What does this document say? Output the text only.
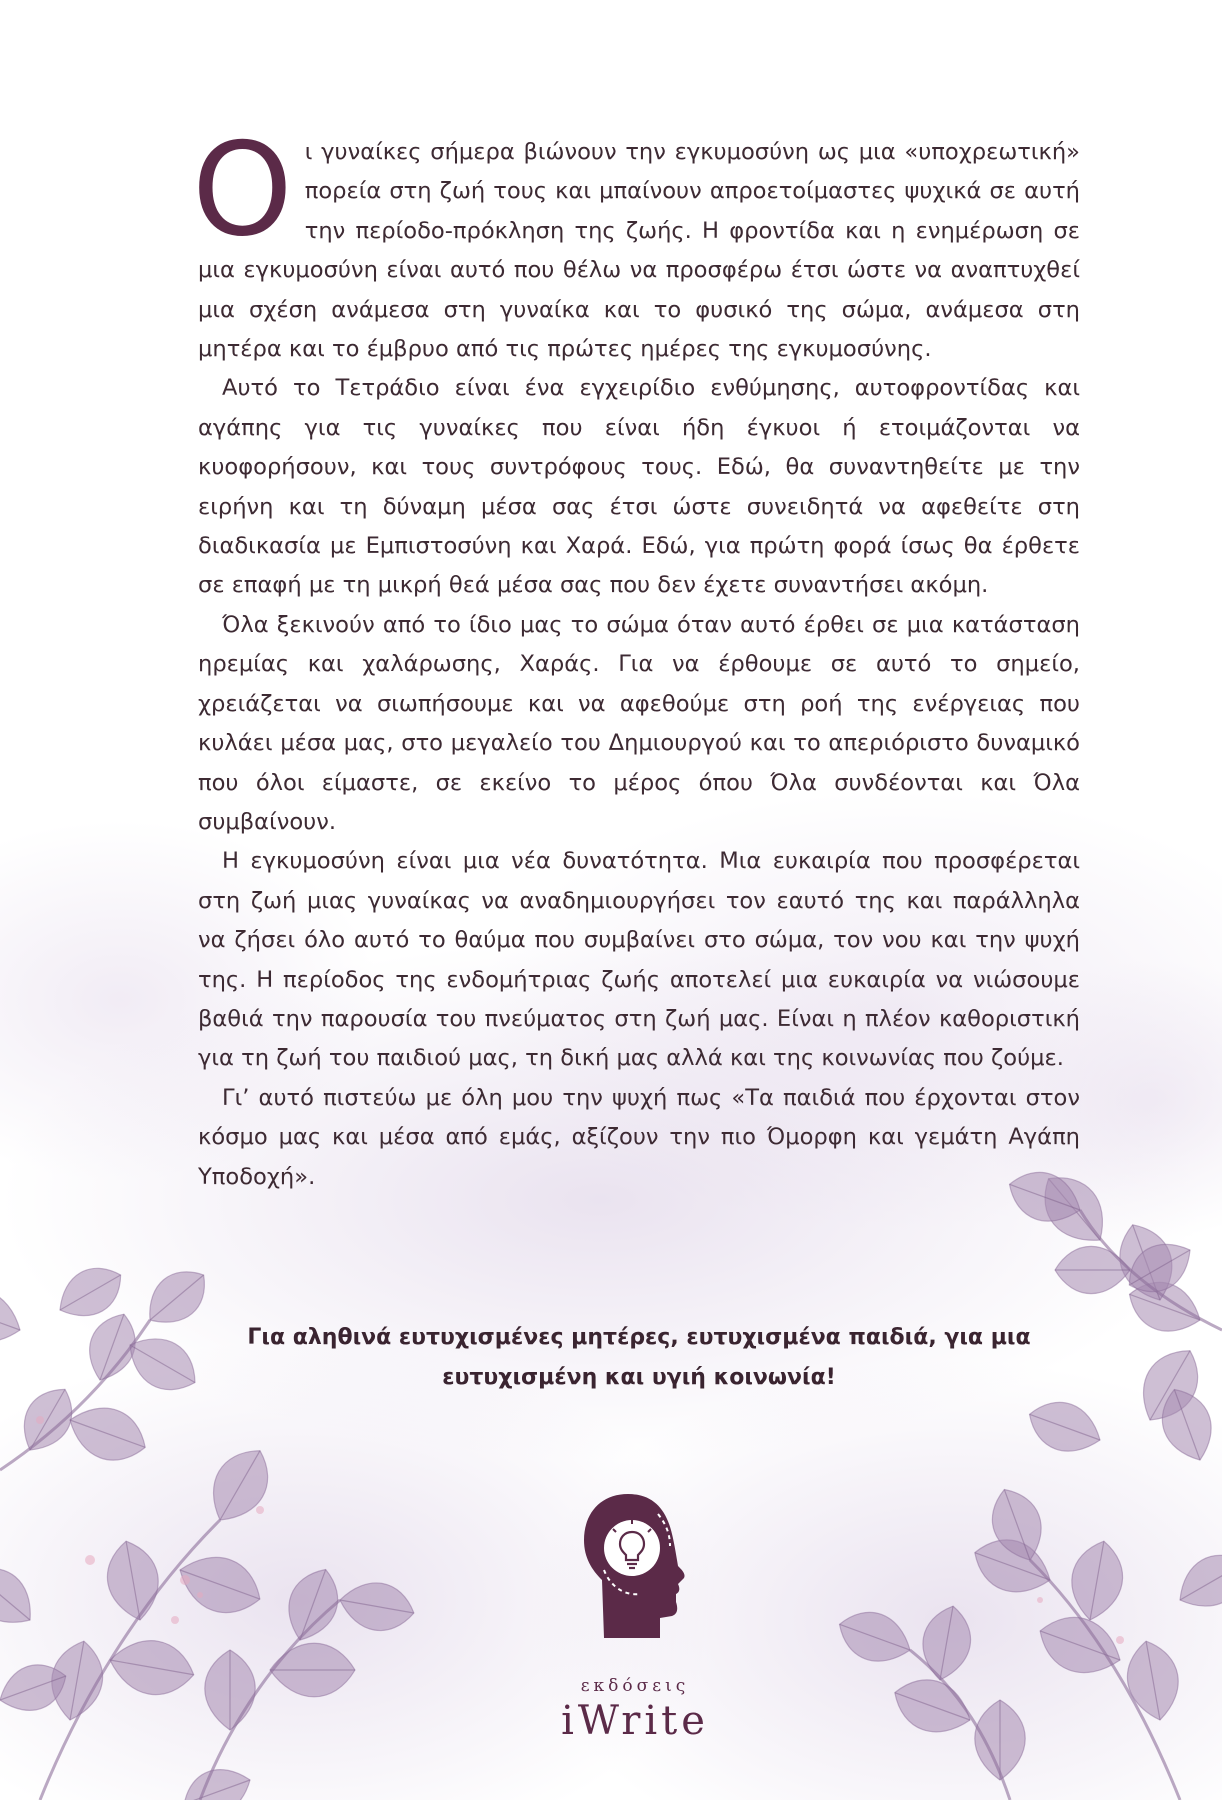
Οι γυναίκες σήμερα βιώνουν την εγκυμοσύνη ως μια «υποχρεωτική» πορεία στη ζωή τους και μπαίνουν απροετοίμαστες ψυχικά σε αυτή την περίοδο-πρόκληση της ζωής. Η φροντίδα και η ενημέρωση σε μια εγκυμοσύνη είναι αυτό που θέλω να προσφέρω έτσι ώστε να αναπτυχθεί μια σχέση ανάμεσα στη γυναίκα και το φυσικό της σώμα, ανάμεσα στη μητέρα και το έμβρυο από τις πρώτες ημέρες της εγκυμοσύνης.

Αυτό το Τετράδιο είναι ένα εγχειρίδιο ενθύμησης, αυτοφροντίδας και αγάπης για τις γυναίκες που είναι ήδη έγκυοι ή ετοιμάζονται να κυοφορήσουν, και τους συντρόφους τους. Εδώ, θα συναντηθείτε με την ειρήνη και τη δύναμη μέσα σας έτσι ώστε συνειδητά να αφεθείτε στη διαδικασία με Εμπιστοσύνη και Χαρά. Εδώ, για πρώτη φορά ίσως θα έρθετε σε επαφή με τη μικρή θεά μέσα σας που δεν έχετε συναντήσει ακόμη.

Όλα ξεκινούν από το ίδιο μας το σώμα όταν αυτό έρθει σε μια κατάσταση ηρεμίας και χαλάρωσης, Χαράς. Για να έρθουμε σε αυτό το σημείο, χρειάζεται να σιωπήσουμε και να αφεθούμε στη ροή της ενέργειας που κυλάει μέσα μας, στο μεγαλείο του Δημιουργού και το απεριόριστο δυναμικό που όλοι είμαστε, σε εκείνο το μέρος όπου Όλα συνδέονται και Όλα συμβαίνουν.

Η εγκυμοσύνη είναι μια νέα δυνατότητα. Μια ευκαιρία που προσφέρεται στη ζωή μιας γυναίκας να αναδημιουργήσει τον εαυτό της και παράλληλα να ζήσει όλο αυτό το θαύμα που συμβαίνει στο σώμα, τον νου και την ψυχή της. Η περίοδος της ενδομήτριας ζωής αποτελεί μια ευκαιρία να νιώσουμε βαθιά την παρουσία του πνεύματος στη ζωή μας. Είναι η πλέον καθοριστική για τη ζωή του παιδιού μας, τη δική μας αλλά και της κοινωνίας που ζούμε.

Γι’ αυτό πιστεύω με όλη μου την ψυχή πως «Τα παιδιά που έρχονται στον κόσμο μας και μέσα από εμάς, αξίζουν την πιο Όμορφη και γεμάτη Αγάπη Υποδοχή».

Για αληθινά ευτυχισμένες μητέρες, ευτυχισμένα παιδιά, για μια
ευτυχισμένη και υγιή κοινωνία!
εκδόσεις
iWrite
